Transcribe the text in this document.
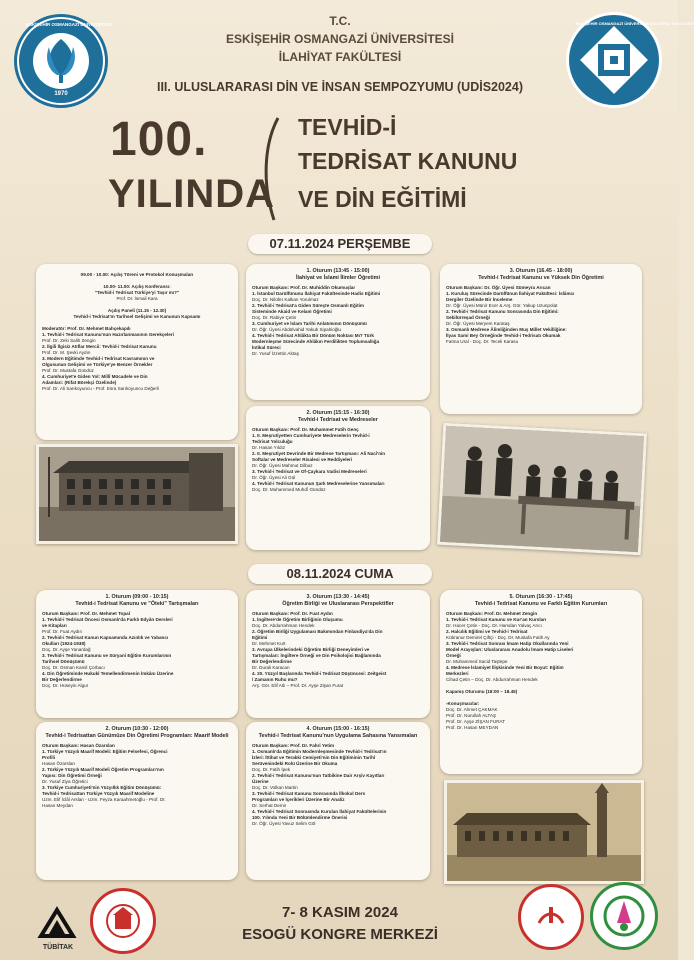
1970
ESKİŞEHİR OSMANGAZİ ÜNİVERSİTESİ
1995
ESKİŞEHİR OSMANGAZİ ÜNİVERSİTESİ İLAHİYAT FAKÜLTESİ
T.C.
ESKİŞEHİR OSMANGAZİ ÜNİVERSİTESİ
İLAHİYAT FAKÜLTESİ
III. ULUSLARARASI DİN VE İNSAN SEMPOZYUMU (UDİS2024)
100.
YILINDA
TEVHİD-İ
TEDRİSAT KANUNU
VE DİN EĞİTİMİ
07.11.2024 PERŞEMBE
09.00 - 10.00: Açılış Töreni ve Protokol Konuşmaları

10.00- 11.00: Açılış Konferansı:
"Tevhid-i Tedrisat Türkiye'yi Taşır mı?"
Prof. Dr. İsmail Kara

Açılış Paneli (11.15 - 12.30)
Tevhid-i Tedrisat'ın Tarihsel Gelişimi ve Kanunun Kapsamı

Moderatör: Prof. Dr. Mehmet Bahçekapılı
1. Tevhid-i Tedrisat Kanunu'nun Hazırlanmasının Gerekçeleri
Prof. Dr. Zeki Salih Zengin
2. İlgili İlgisiz Atıflar Mercii: Tevhid-i Tedrisat Kanunu
Prof. Dr. M. Şevki Aydın
3. Modern Eğitimde Tevhid-i Tedrisat Kavramının ve
Olgusunun Gelişimi ve Türkiye'ye Benzer Örnekler
Prof. Dr. Mustafa Gündüz
4. Cumhuriyet'e Giden Yol: Millî Mücadele ve Din
Adamları: (Rifat Börekçi Özelinde)
Prof. Dr. Ali Sarıkoyuncu - Prof. Esra Sarıkoyuncu Değerli
1. Oturum (13:45 - 15:00)
İlahiyat ve İslami İlimler Öğretimi
Oturum Başkanı: Prof. Dr. Muhiddin Okumuşlar
1. İstanbul Darülfünunu İlahiyat Fakültesinde Hadis Eğitimi
Doç. Dr. Nilüfer Kalkan Yorulmaz
2. Tevhid-i Tedrisat'a Giden Süreçte Osmanlı Eğitim
Sisteminde Akaid ve Kelam Öğretimi
Doç. Dr. Rabiye Çetin
3. Cumhuriyet ve İslam Tarihi Anlatımının Dönüşümü
Dr. Öğr. Üyesi Abdülvahid Yakub Sipahioğlu
4. Tevhid-i Tedrisat Ahlâkta Bir Dönüm Noktası Mı? Türk
Modernleşme Sürecinde Ahlâkın Ferdilikten Toplumsallığa
İntikal Süreci
Dr. Yusuf İzzettin Aktaş
2. Oturum (15:15 - 16:30)
Tevhid-i Tedrisat ve Medreseler
Oturum Başkanı: Prof. Dr. Muhammet Fatih Genç
1. II. Meşrutiyetten Cumhuriyete Medreselerin Tevhid-i
Tedrisat Yolculuğu
Dr. Hasan Yıldız
2. II. Meşrutiyet Devrinde Bir Medrese Tartışması: Ali Nacî'nin
Softalar ve Medreseler Risalesi ve Reddiyeleri
Dr. Öğr. Üyesi Mahmut Dilbaz
3. Tevhid-i Tedrisat ve Of-Çaykara Vadisi Medreseleri
Dr. Öğr. Üyesi Ali Gül
4. Tevhid-i Tedrisat Kanunun Şark Medreselerine Yansımaları
Doç. Dr. Muhammed Muhdî Gündüz
3. Oturum (16.45 - 18:00)
Tevhid-i Tedrisat Kanunu ve Yüksek Din Öğretimi
Oturum Başkanı: Dr. Öğr. Üyesi Sümeyra Arıcan
1. Kuruluş Sürecinde Darülfünun İlahiyat Fakültesi: İslâmcı
Dergiler Özelinde Bir İnceleme
Dr. Öğr. Üyesi Münir Ecer & Arş. Gör. Yakup Uzunpolat
2. Tevhid-i Tedrisat Kanunu Sonrasında Din Eğitimi:
Sebilürreşad Örneği
Dr. Öğr. Üyesi Meryem Karataş
3. Osmanlı Medrese Âlimliğinden Muş Millet Vekilliğine:
İlyas Sami Bey Örneğinde Tevhid-i Tedrisatı Okumak
Fatma Ural - Doç. Dr. Teceli Karasu
08.11.2024 CUMA
1. Oturum (09:00 - 10:15)
Tevhid-i Tedrisat Kanunu ve "Öteki" Tartışmaları
Oturum Başkanı: Prof. Dr. Mehmet Topal
1. Tevhid-i Tedrisat Öncesi Osmanlı'da Farklı Edyân Dersleri
ve Kitapları
Prof. Dr. Fuat Aydın
2. Tevhid-i Tedrisat Kanun Kapsamında Azınlık ve Yabancı
Okulları (1924-1938)
Doç. Dr. Ayşe Yanardağ
3. Tevhid-i Tedrisat Kanunu ve Süryani Eğitim Kurumlarının
Tarihsel Dönüşümü
Doç. Dr. Osman Kamil Çorbacı
4. Din Öğretiminde Hukukî Temellendirmenin İmkânı Üzerine
Bir Değerlendirme
Doç. Dr. Hüseyin Algur
2. Oturum (10:30 - 12:00)
Tevhid-i Tedrisattan Günümüze Din Öğretimi Programları: Maarif Modeli
Oturum Başkanı: Hasan Özarslan
1. Türkiye Yüzyılı Maarif Modeli: Eğitim Felsefesi, Öğrenci
Profili
Hasan Özarslan
2. Türkiye Yüzyılı Maarif Modeli Öğretim Programları'nın
Yapısı: Din Öğretimi Örneği
Dr. Yusuf Ziya Öğretici
3. Türkiye Cumhuriyeti'nin Yüzyıllık Eğitim Dönüşümü:
Tevhid-i Tedrisattan Türkiye Yüzyılı Maarif Modeline
Uzm. Elif İclâl Arslan - Uzm. Feyza Karaahmetoğlu - Prof. Dr.
Hasan Meydan
3. Oturum (13:30 - 14:45)
Öğretim Birliği ve Uluslararası Perspektifler
Oturum Başkanı: Prof. Dr. Fuat Aydın
1. İngiltere'de Öğretim Birliğinin Oluşumu
Doç. Dr. Abdurrahman Hendek
2. Öğretim Birliği Uygulaması Bakımından Finlandiya'da Din
Eğitimi
Dr. Mehmet Kurt
3. Avrupa Ülkelerindeki Öğretim Birliği Deneyimleri ve
Tartışmaları: İngiltere Örneği ve Din Psikolojisi Bağlamında
Bir Değerlendirme
Dr. Durali Karacan
4. 20. Yüzyıl Başlarında Tevhid-i Tedrisat Düşüncesi: Zeitgeist
/ Zamanın Ruhu mu?
Arş. Gör. Elif Atlı – Prof. Dr. Ayşe Zişan Furat
4. Oturum (15:00 - 16:15)
Tevhid-i Tedrisat Kanunu'nun Uygulama Sahasına Yansımaları
Oturum Başkanı: Prof. Dr. Fahri Yetim
1. Osmanlı'da Eğitimin Modernleşmesinde Tevhid-i Tedrisat'ın
İzleri: İttihat ve Terakki Cemiyeti'nin Din Eğitiminin Tarihî
Serüvenindeki Rolü Üzerine Bir Okuma
Doç. Dr. Fatih İpek
2. Tevhid-i Tedrisat Kanunu'nun Tatbikine Dair Arşiv Kayıtları
Üzerine
Doç. Dr. Volkan Martin
3. Tevhid-i Tedrisat Kanunu Sonrasında İlkokul Ders
Programları ve İçerikleri Üzerine Bir Analiz
Dr. Serhat Demir
4. Tevhid-i Tedrisat Sonrasında Kurulan İlahiyat Fakültelerinin
100. Yılında Yeni Bir Bölümlendirme Önerisi
Dr. Öğr. Üyesi Yavuz Selim Göl
5. Oturum (16:30 - 17:45)
Tevhid-i Tedrisat Kanunu ve Farklı Eğitim Kurumları
Oturum Başkanı: Prof. Dr. Mehmet Zengin
1. Tevhid-i Tedrisat Kanunu ve Kur'an Kursları
Dr. Hacer Çetin - Doç. Dr. Hamdan Yalvaç Arıcı
2. Halcılık Eğitimi ve Tevhid-i Tedrisat
Kübranur Demirel Çiftçi - Doç. Dr. Mustafa Fatih Ay
3. Tevhid-i Tedrisat Sonrası İmam Hatip Okullarında Yeni
Model Arayışları: Uluslararası Anadolu İmam Hatip Liseleri
Örneği
Dr. Muhammed Sacid Taştepe
4. Medrese İslamiyet İlişkisinde Yeni Bir Boyut: Eğitim
Merkezleri
Cihad Çetin – Doç. Dr. Abdurrahman Hendek

Kapanış Oturumu (18:00 – 18.45)

-Konuşmacılar:
Doç. Dr. Ahmet ÇAKMAK
Prof. Dr. Nurullah ALTAŞ
Prof. Dr. Ayşe ZİŞAN FURAT
Prof. Dr. Hasan MEYDAN
TÜBİTAK
7- 8 KASIM 2024
ESOGÜ KONGRE MERKEZİ
